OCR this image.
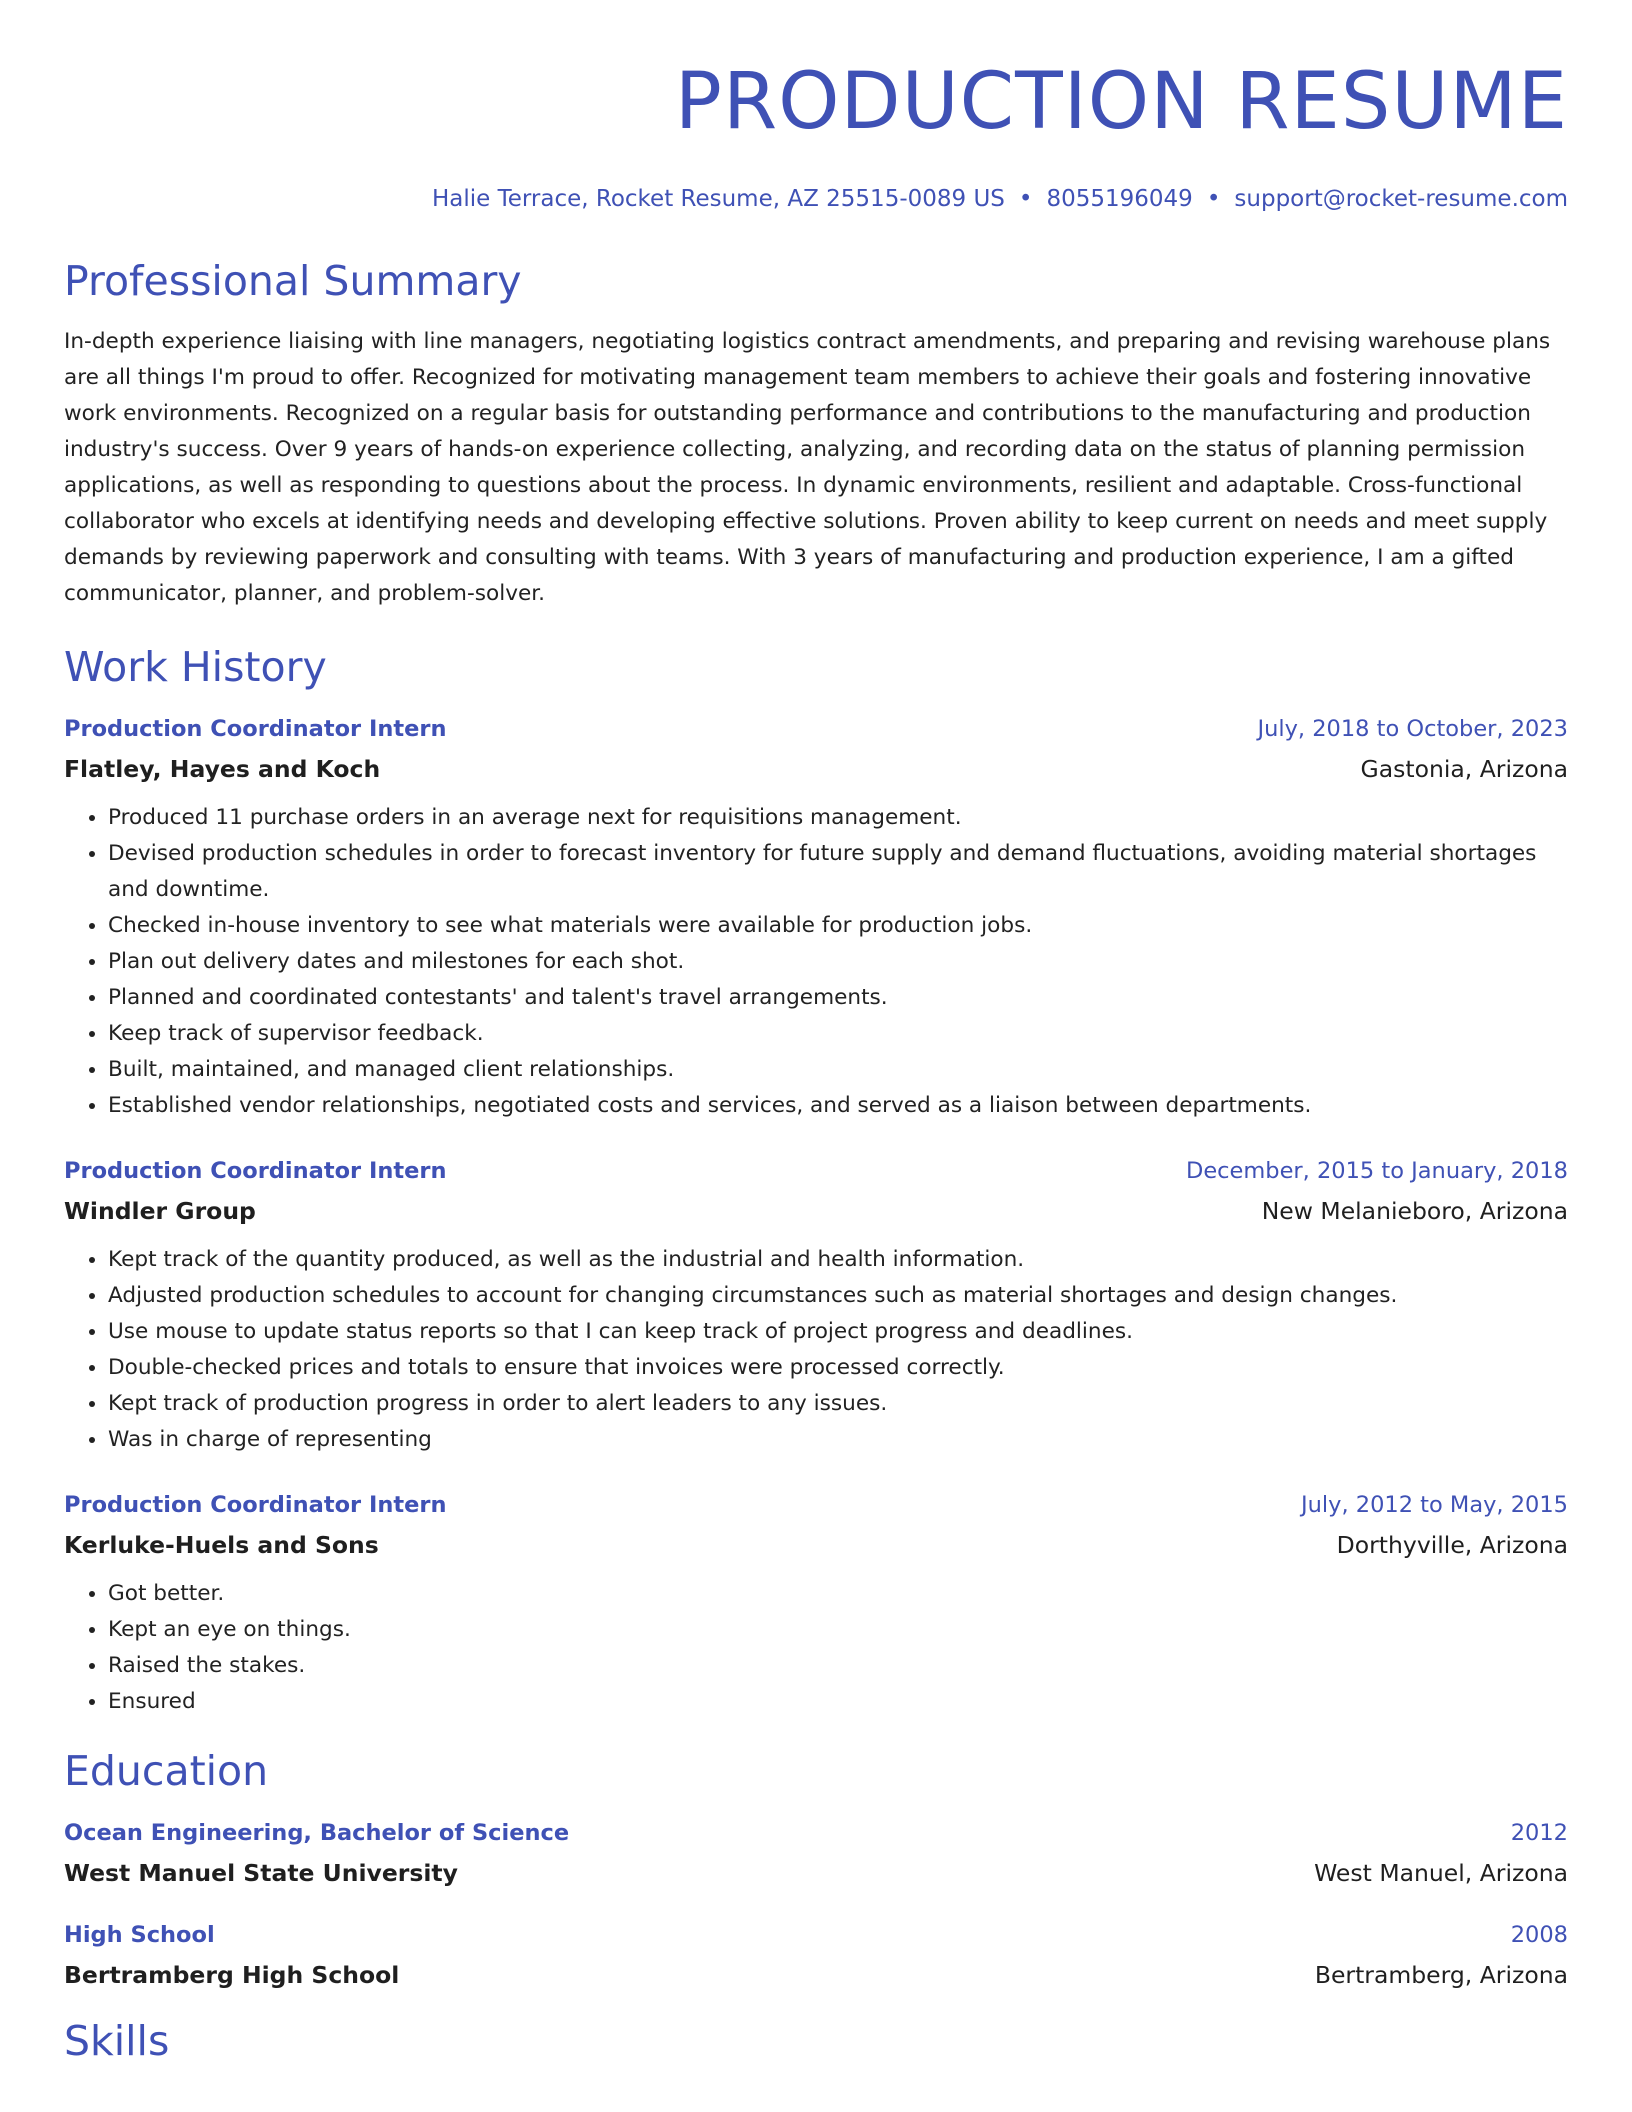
PRODUCTION RESUME
Halie Terrace, Rocket Resume, AZ 25515-0089 US • 8055196049 • support@rocket-resume.com
Professional Summary
In-depth experience liaising with line managers, negotiating logistics contract amendments, and preparing and revising warehouse plans are all things I'm proud to offer. Recognized for motivating management team members to achieve their goals and fostering innovative work environments. Recognized on a regular basis for outstanding performance and contributions to the manufacturing and production industry's success. Over 9 years of hands-on experience collecting, analyzing, and recording data on the status of planning permission applications, as well as responding to questions about the process. In dynamic environments, resilient and adaptable. Cross-functional collaborator who excels at identifying needs and developing effective solutions. Proven ability to keep current on needs and meet supply demands by reviewing paperwork and consulting with teams. With 3 years of manufacturing and production experience, I am a gifted communicator, planner, and problem-solver.
Work History
Production Coordinator Intern	July, 2018 to October, 2023
Flatley, Hayes and Koch	Gastonia, Arizona
• Produced 11 purchase orders in an average next for requisitions management.
• Devised production schedules in order to forecast inventory for future supply and demand fluctuations, avoiding material shortages and downtime.
• Checked in-house inventory to see what materials were available for production jobs.
• Plan out delivery dates and milestones for each shot.
• Planned and coordinated contestants' and talent's travel arrangements.
• Keep track of supervisor feedback.
• Built, maintained, and managed client relationships.
• Established vendor relationships, negotiated costs and services, and served as a liaison between departments.
Production Coordinator Intern	December, 2015 to January, 2018
Windler Group	New Melanieboro, Arizona
• Kept track of the quantity produced, as well as the industrial and health information.
• Adjusted production schedules to account for changing circumstances such as material shortages and design changes.
• Use mouse to update status reports so that I can keep track of project progress and deadlines.
• Double-checked prices and totals to ensure that invoices were processed correctly.
• Kept track of production progress in order to alert leaders to any issues.
• Was in charge of representing
Production Coordinator Intern	July, 2012 to May, 2015
Kerluke-Huels and Sons	Dorthyville, Arizona
• Got better.
• Kept an eye on things.
• Raised the stakes.
• Ensured
Education
Ocean Engineering, Bachelor of Science	2012
West Manuel State University	West Manuel, Arizona
High School	2008
Bertramberg High School	Bertramberg, Arizona
Skills
